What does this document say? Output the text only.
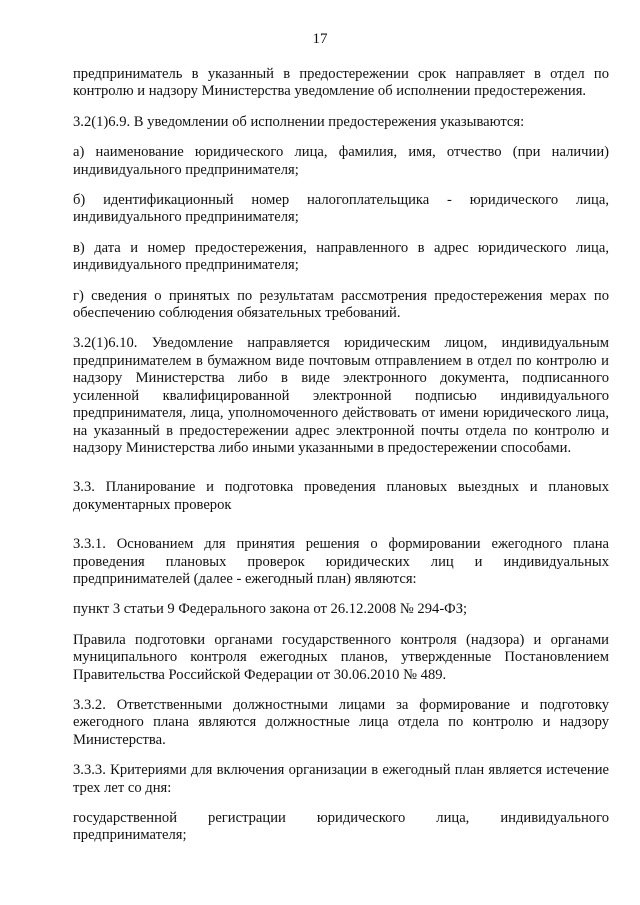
17

предприниматель в указанный в предостережении срок направляет в отдел по контролю и надзору Министерства уведомление об исполнении предостережения.

3.2(1)6.9. В уведомлении об исполнении предостережения указываются:

а) наименование юридического лица, фамилия, имя, отчество (при наличии) индивидуального предпринимателя;

б) идентификационный номер налогоплательщика - юридического лица, индивидуального предпринимателя;

в) дата и номер предостережения, направленного в адрес юридического лица, индивидуального предпринимателя;

г) сведения о принятых по результатам рассмотрения предостережения мерах по обеспечению соблюдения обязательных требований.

3.2(1)6.10. Уведомление направляется юридическим лицом, индивидуальным предпринимателем в бумажном виде почтовым отправлением в отдел по контролю и надзору Министерства либо в виде электронного документа, подписанного усиленной квалифицированной электронной подписью индивидуального предпринимателя, лица, уполномоченного действовать от имени юридического лица, на указанный в предостережении адрес электронной почты отдела по контролю и надзору Министерства либо иными указанными в предостережении способами.

3.3. Планирование и подготовка проведения плановых выездных и плановых документарных проверок

3.3.1. Основанием для принятия решения о формировании ежегодного плана проведения плановых проверок юридических лиц и индивидуальных предпринимателей (далее - ежегодный план) являются:

пункт 3 статьи 9 Федерального закона от 26.12.2008 № 294-ФЗ;

Правила подготовки органами государственного контроля (надзора) и органами муниципального контроля ежегодных планов, утвержденные Постановлением Правительства Российской Федерации от 30.06.2010 № 489.

3.3.2. Ответственными должностными лицами за формирование и подготовку ежегодного плана являются должностные лица отдела по контролю и надзору Министерства.

3.3.3. Критериями для включения организации в ежегодный план является истечение трех лет со дня:

государственной регистрации юридического лица, индивидуального предпринимателя;
